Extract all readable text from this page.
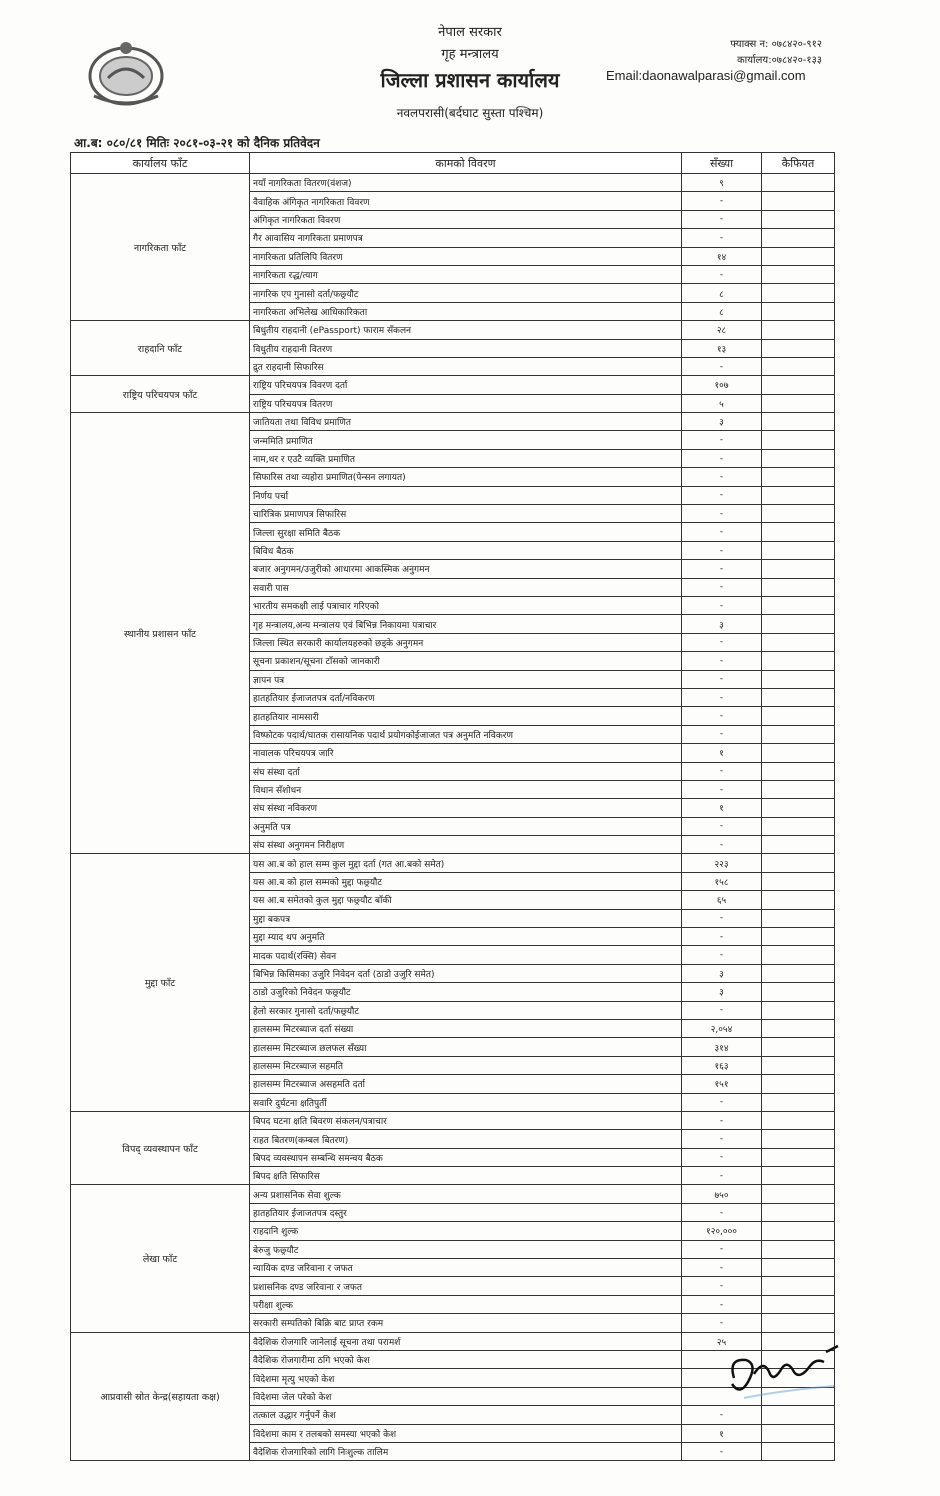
नेपाल सरकार
गृह मन्त्रालय
जिल्ला प्रशासन कार्यालय
नवलपरासी(बर्दघाट सुस्ता पश्चिम)
फ्याक्स न: ०७८४२०-९१२
कार्यालय:०७८४२०-१३३
Email:daonawalparasi@gmail.com
आ.ब: ०८०/८१ मितिः २०८१-०३-२१ को दैनिक प्रतिवेदन
कार्यालय फाँट	कामको विवरण	सँख्या	कैफियत
नागरिकता फाँट	नयाँ नागरिकता वितरण(वंशज)	९	
	वैवाहिक अंगिकृत नागरिकता विवरण	-	
	अंगिकृत नागरिकता विवरण	-	
	गैर आवासिय नागरिकता प्रमाणपत्र	-	
	नागरिकता प्रतिलिपि वितरण	१४	
	नागरिकता रद्ध/त्याग	-	
	नागरिक एप गुनासो दर्ता/फछ्र्यौट	८	
	नागरिकता अभिलेख आधिकारिकता	८	
राहदानि फाँट	बिधुतीय राहदानी (ePassport) फाराम सँकलन	२८	
	विधुतीय राहदानी वितरण	१३	
	द्रुत राहदानी सिफारिस	-	
राष्ट्रिय परिचयपत्र फाँट	राष्ट्रिय परिचयपत्र विवरण दर्ता	१०७	
	राष्ट्रिय परिचयपत्र वितरण	५	
स्थानीय प्रशासन फाँट	जातियता तथा विविध प्रमाणित	३	
	जन्ममिति प्रमाणित	-	
	नाम,थर र एउटै व्यक्ति प्रमाणित	-	
	सिफारिस तथा व्यहोरा प्रमाणित(पेन्सन लगायत)	-	
	निर्णय पर्चा	-	
	चारित्रिक प्रमाणपत्र सिफारिस	-	
	जिल्ला सुरक्षा समिति बैठक	-	
	बिविध बैठक	-	
	बजार अनुगमन/उजुरीको आधारमा आकस्मिक अनुगमन	-	
	सवारी पास	-	
	भारतीय समकक्षी लाई पत्राचार गरिएको	-	
	गृह मन्त्रालय,अन्य मन्त्रालय एवं बिभिन्न निकायमा पत्राचार	३	
	जिल्ला स्थित सरकारी कार्यालयहरुको छड्के अनुगमन	-	
	सूचना प्रकाशन/सूचना टाँसको जानकारी	-	
	ज्ञापन पत्र	-	
	हातहतियार ईजाजतपत्र दर्ता/नविकरण	-	
	हातहतियार नामसारी	-	
	विष्फोटक पदार्थ/घातक रासायनिक पदार्थ प्रयोगकोईजाजत पत्र अनुमति नविकरण	-	
	नावालक परिचयपत्र जारि	१	
	संघ संस्था दर्ता	-	
	विधान सँशोधन	-	
	संघ संस्था नविकरण	१	
	अनुमति पत्र	-	
	संघ संस्था अनुगमन निरीक्षण	-	
मुद्दा फाँट	यस आ.ब को हाल सम्म कुल मुद्दा दर्ता (गत आ.बको समेत)	२२३	
	यस आ.ब को हाल सम्मको मुद्दा फछ्र्यौट	१५८	
	यस आ.ब समेतको कुल मुद्दा फछ्र्यौट बाँकी	६५	
	मुद्दा बकपत्र	-	
	मुद्दा म्याद थप अनुमति	-	
	मादक पदार्थ(रक्सि) सेवन	-	
	बिभिन्न किसिमका उजुरि निवेदन दर्ता (ठाडो उजुरि समेत)	३	
	ठाडो उजुरिको निवेदन फछ्र्यौट	३	
	हेलो सरकार गुनासो दर्ता/फछ्र्यौट	-	
	हालसम्म मिटरब्याज दर्ता संख्या	२,०५४	
	हालसम्म मिटरब्याज छलफल सँख्या	३१४	
	हालसम्म मिटरब्याज सहमति	१६३	
	हालसम्म मिटरब्याज असहमति दर्ता	१५१	
	सवारि दुर्घटना क्षतिपुर्ती	-	
विपद् व्यवस्थापन फाँट	बिपद घटना क्षति बिवरण संकलन/पत्राचार	-	
	राहत बितरण(कम्बल बितरण)	-	
	बिपद व्यवस्थापन सम्बन्धि समन्वय बैठक	-	
	बिपद क्षति सिफारिस	-	
लेखा फाँट	अन्य प्रशासनिक सेवा शुल्क	७५०	
	हातहतियार ईजाजतपत्र दस्तुर	-	
	राहदानि शुल्क	१२०,०००	
	बेरुजु फछ्र्यौट	-	
	न्यायिक दण्ड जरिवाना र जफत	-	
	प्रशासनिक दण्ड जरिवाना र जफत	-	
	परीक्षा शुल्क	-	
	सरकारी सम्पतिको बिक्रि बाट प्राप्त रकम	-	
आप्रवासी स्रोत केन्द्र(सहायता कक्ष)	वैदेशिक रोजगारि जानेलाई सूचना तथा परामर्श	२५	
	वैदेशिक रोजगारीमा ठगि भएको केश		
	विदेशमा मृत्यु भएको केश		
	विदेशमा जेल परेको केश		
	तत्काल उद्धार गर्नुपर्ने केश	-	
	विदेशमा काम र तलबको समस्या भएको केश	१	
	वैदेशिक रोजगारिको लागि निःशुल्क तालिम	-	
